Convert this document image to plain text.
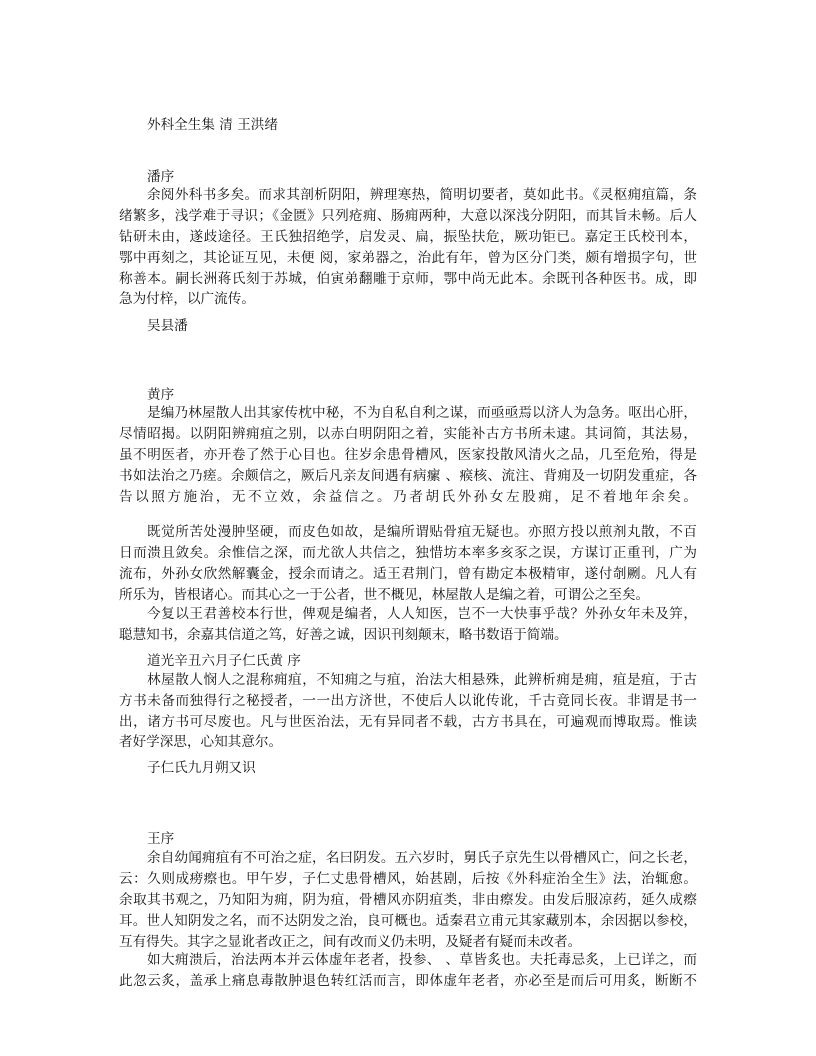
外科全生集 清 王洪绪

潘序

余阅外科书多矣。而求其剖析阴阳，辨理寒热，简明切要者，莫如此书。《灵枢痈疽篇，条

绪繁多，浅学难于寻识；《金匮》只列疮痈、肠痈两种，大意以深浅分阴阳，而其旨未畅。后人

钻研未由，遂歧途径。王氏独招绝学，启发灵、扁，振坠扶危，厥功钜已。嘉定王氏校刊本，

鄂中再刻之，其论证互见，未便 阅，家弟器之，治此有年，曾为区分门类，颇有增损字句，世

称善本。嗣长洲蒋氏刻于苏城，伯寅弟翻雕于京师，鄂中尚无此本。余既刊各种医书。成，即

急为付梓，以广流传。

吴县潘

黄序

是编乃林屋散人出其家传枕中秘，不为自私自利之谋，而亟亟焉以济人为急务。呕出心肝，

尽情昭揭。以阴阳辨痈疽之别，以赤白明阴阳之着，实能补古方书所未逮。其词简，其法易，

虽不明医者，亦开卷了然于心目也。往岁余患骨槽风，医家投散风清火之品，几至危殆，得是

书如法治之乃瘥。余颇信之，厥后凡亲友间遇有病瘰 、瘊核、流注、背痈及一切阴发重症，各

告以照方施治，无不立效，余益信之。乃者胡氏外孙女左股痈，足不着地年余矣。

既觉所苦处漫肿坚硬，而皮色如故，是编所谓贴骨疽无疑也。亦照方投以煎剂丸散，不百

日而溃且敛矣。余惟信之深，而尤欲人共信之，独惜坊本率多亥豕之误，方谋订正重刊，广为

流布，外孙女欣然解囊金，授余而请之。适王君荆门，曾有勘定本极精审，遂付剞劂。凡人有

所乐为，皆根诸心。而其心之一于公者，世不概见，林屋散人是编之着，可谓公之至矣。

今复以王君善校本行世，俾观是编者，人人知医，岂不一大快事乎哉？外孙女年未及笄，

聪慧知书，余嘉其信道之笃，好善之诚，因识刊刻颠末，略书数语于简端。

道光辛丑六月子仁氏黄 序

林屋散人悯人之混称痈疽，不知痈之与疽，治法大相悬殊，此辨析痈是痈，疽是疽，于古

方书未备而独得行之秘授者，一一出方济世，不使后人以讹传讹，千古竟同长夜。非谓是书一

出，诸方书可尽废也。凡与世医治法，无有异同者不载，古方书具在，可遍观而博取焉。惟读

者好学深思，心知其意尔。

子仁氏九月朔又识

王序

余自幼闻痈疽有不可治之症，名曰阴发。五六岁时，舅氏子京先生以骨槽风亡，问之长老，

云：久则成痨瘵也。甲午岁，子仁丈患骨槽风，始甚剧，后按《外科症治全生》法，治辄愈。

余取其书观之，乃知阳为痈，阴为疽，骨槽风亦阴疽类，非由瘵发。由发后服凉药，延久成瘵

耳。世人知阴发之名，而不达阴发之治，良可概也。适秦君立甫元其家藏别本，余因据以参校，

互有得失。其字之显讹者改正之，间有改而义仍未明，及疑者有疑而未改者。

如大痈溃后，治法两本并云体虚年老者，投参、 、草皆炙也。夫托毒忌炙，上已详之，而

此忽云炙，盖承上痛息毒散肿退色转红活而言，即体虚年老者，亦必至是而后可用炙，断断不
